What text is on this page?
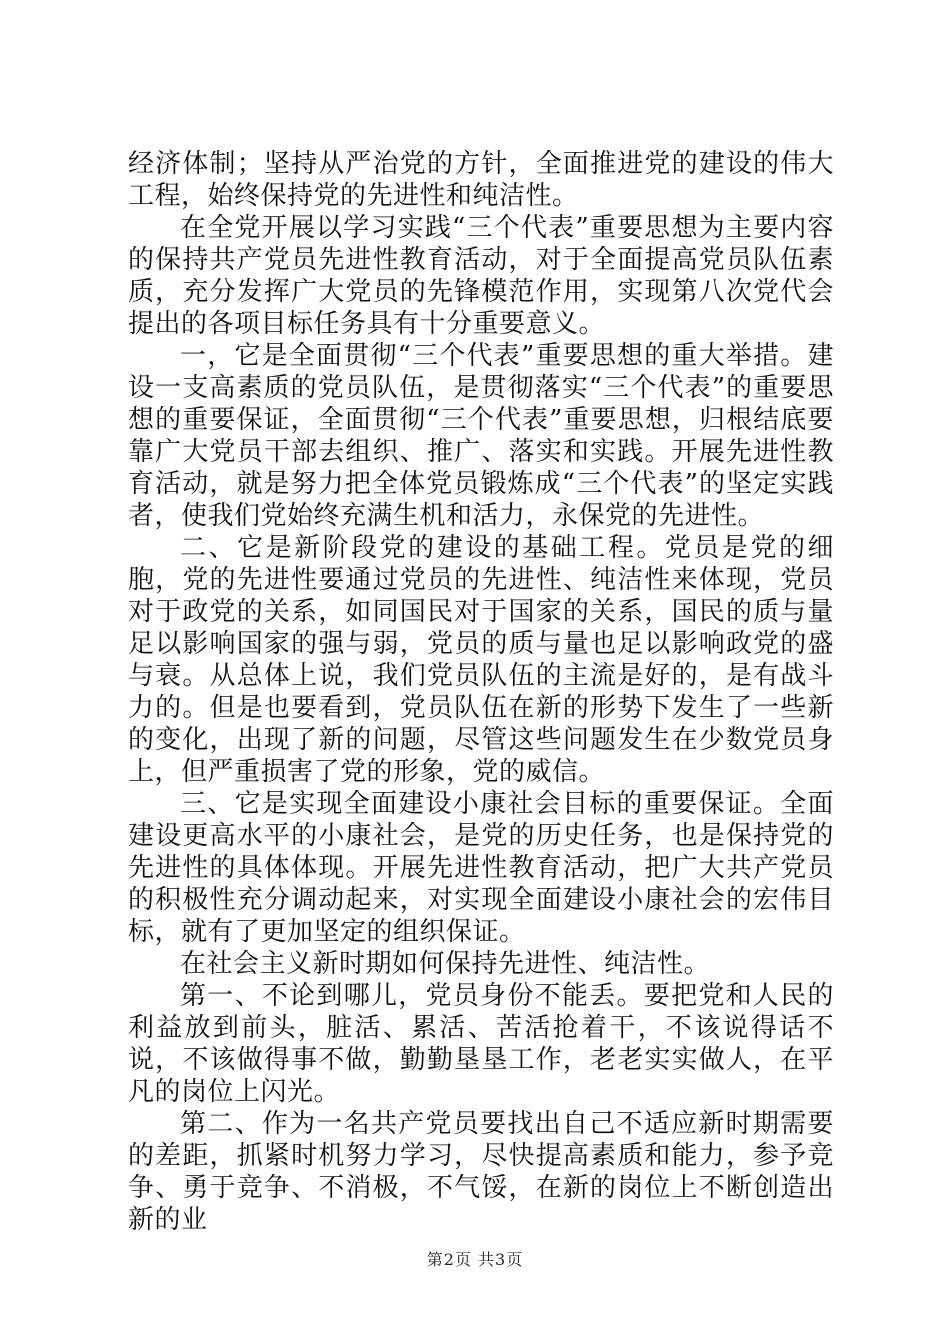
经济体制；坚持从严治党的方针，全面推进党的建设的伟大工程，始终保持党的先进性和纯洁性。

在全党开展以学习实践“三个代表”重要思想为主要内容的保持共产党员先进性教育活动，对于全面提高党员队伍素质，充分发挥广大党员的先锋模范作用，实现第八次党代会提出的各项目标任务具有十分重要意义。

一，它是全面贯彻“三个代表”重要思想的重大举措。建设一支高素质的党员队伍，是贯彻落实“三个代表”的重要思想的重要保证，全面贯彻“三个代表”重要思想，归根结底要靠广大党员干部去组织、推广、落实和实践。开展先进性教育活动，就是努力把全体党员锻炼成“三个代表”的坚定实践者，使我们党始终充满生机和活力，永保党的先进性。

二、它是新阶段党的建设的基础工程。党员是党的细胞，党的先进性要通过党员的先进性、纯洁性来体现，党员对于政党的关系，如同国民对于国家的关系，国民的质与量足以影响国家的强与弱，党员的质与量也足以影响政党的盛与衰。从总体上说，我们党员队伍的主流是好的，是有战斗力的。但是也要看到，党员队伍在新的形势下发生了一些新的变化，出现了新的问题，尽管这些问题发生在少数党员身上，但严重损害了党的形象，党的威信。

三、它是实现全面建设小康社会目标的重要保证。全面建设更高水平的小康社会，是党的历史任务，也是保持党的先进性的具体体现。开展先进性教育活动，把广大共产党员的积极性充分调动起来，对实现全面建设小康社会的宏伟目标，就有了更加坚定的组织保证。

在社会主义新时期如何保持先进性、纯洁性。

第一、不论到哪儿，党员身份不能丢。要把党和人民的利益放到前头，脏活、累活、苦活抢着干，不该说得话不说，不该做得事不做，勤勤垦垦工作，老老实实做人，在平凡的岗位上闪光。

第二、作为一名共产党员要找出自己不适应新时期需要的差距，抓紧时机努力学习，尽快提高素质和能力，参予竞争、勇于竞争、不消极，不气馁，在新的岗位上不断创造出新的业

第2页 共3页
